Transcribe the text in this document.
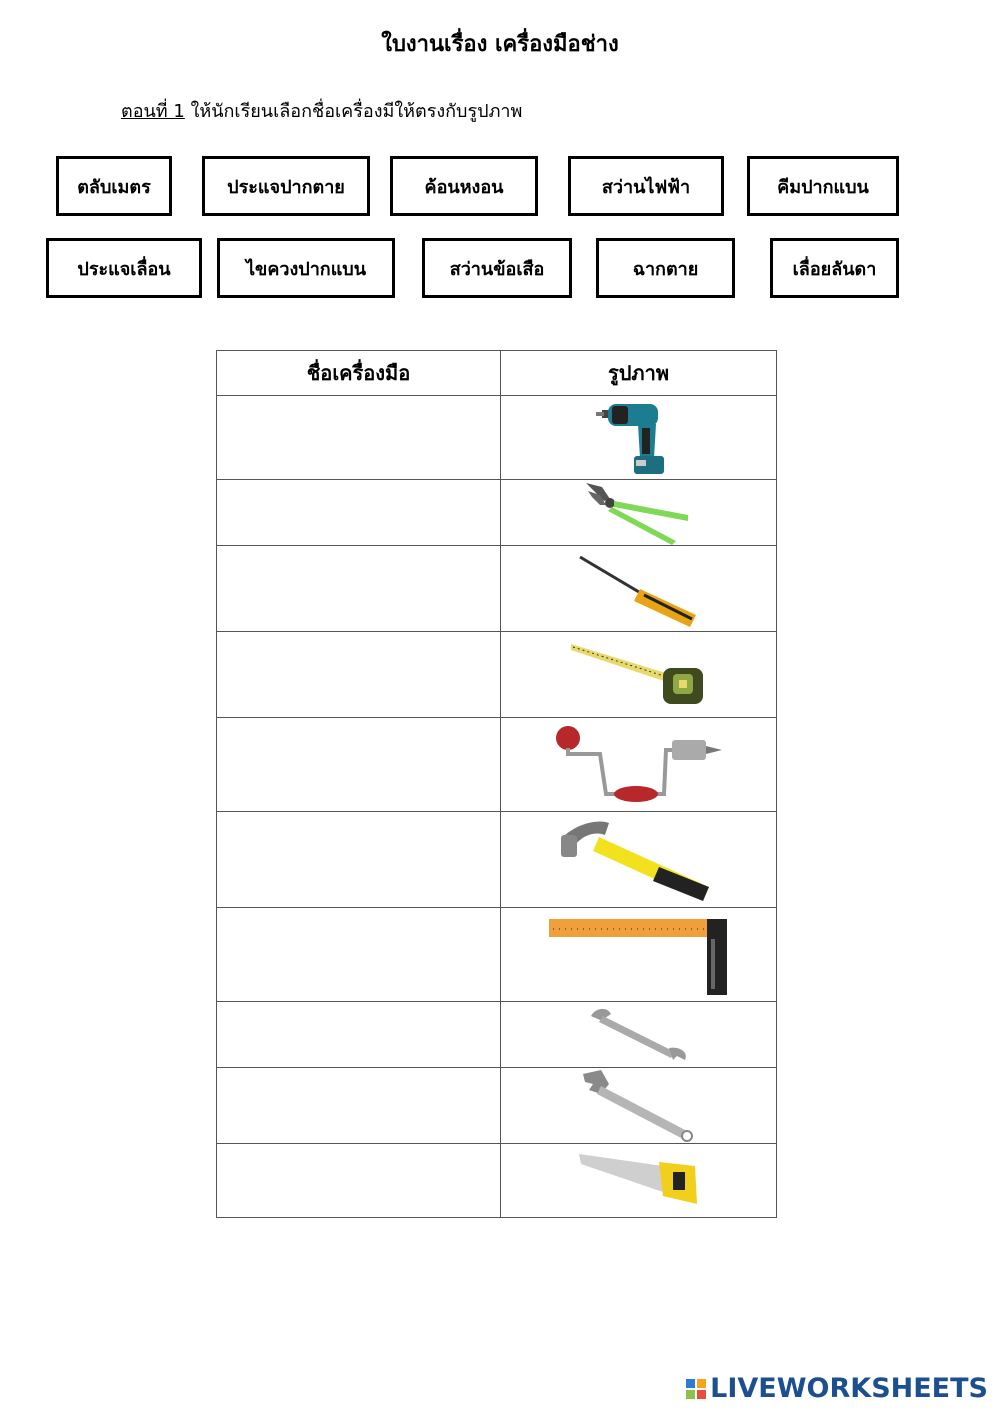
ใบงานเรื่อง เครื่องมือช่าง
ตอนที่ 1 ให้นักเรียนเลือกชื่อเครื่องมีให้ตรงกับรูปภาพ
ตลับเมตร	ประแจปากตาย	ค้อนหงอน	สว่านไฟฟ้า	คีมปากแบน
ประแจเลื่อน	ไขควงปากแบน	สว่านข้อเสือ	ฉากตาย	เลื่อยลันดา
ชื่อเครื่องมือ	รูปภาพ

LIVEWORKSHEETS
